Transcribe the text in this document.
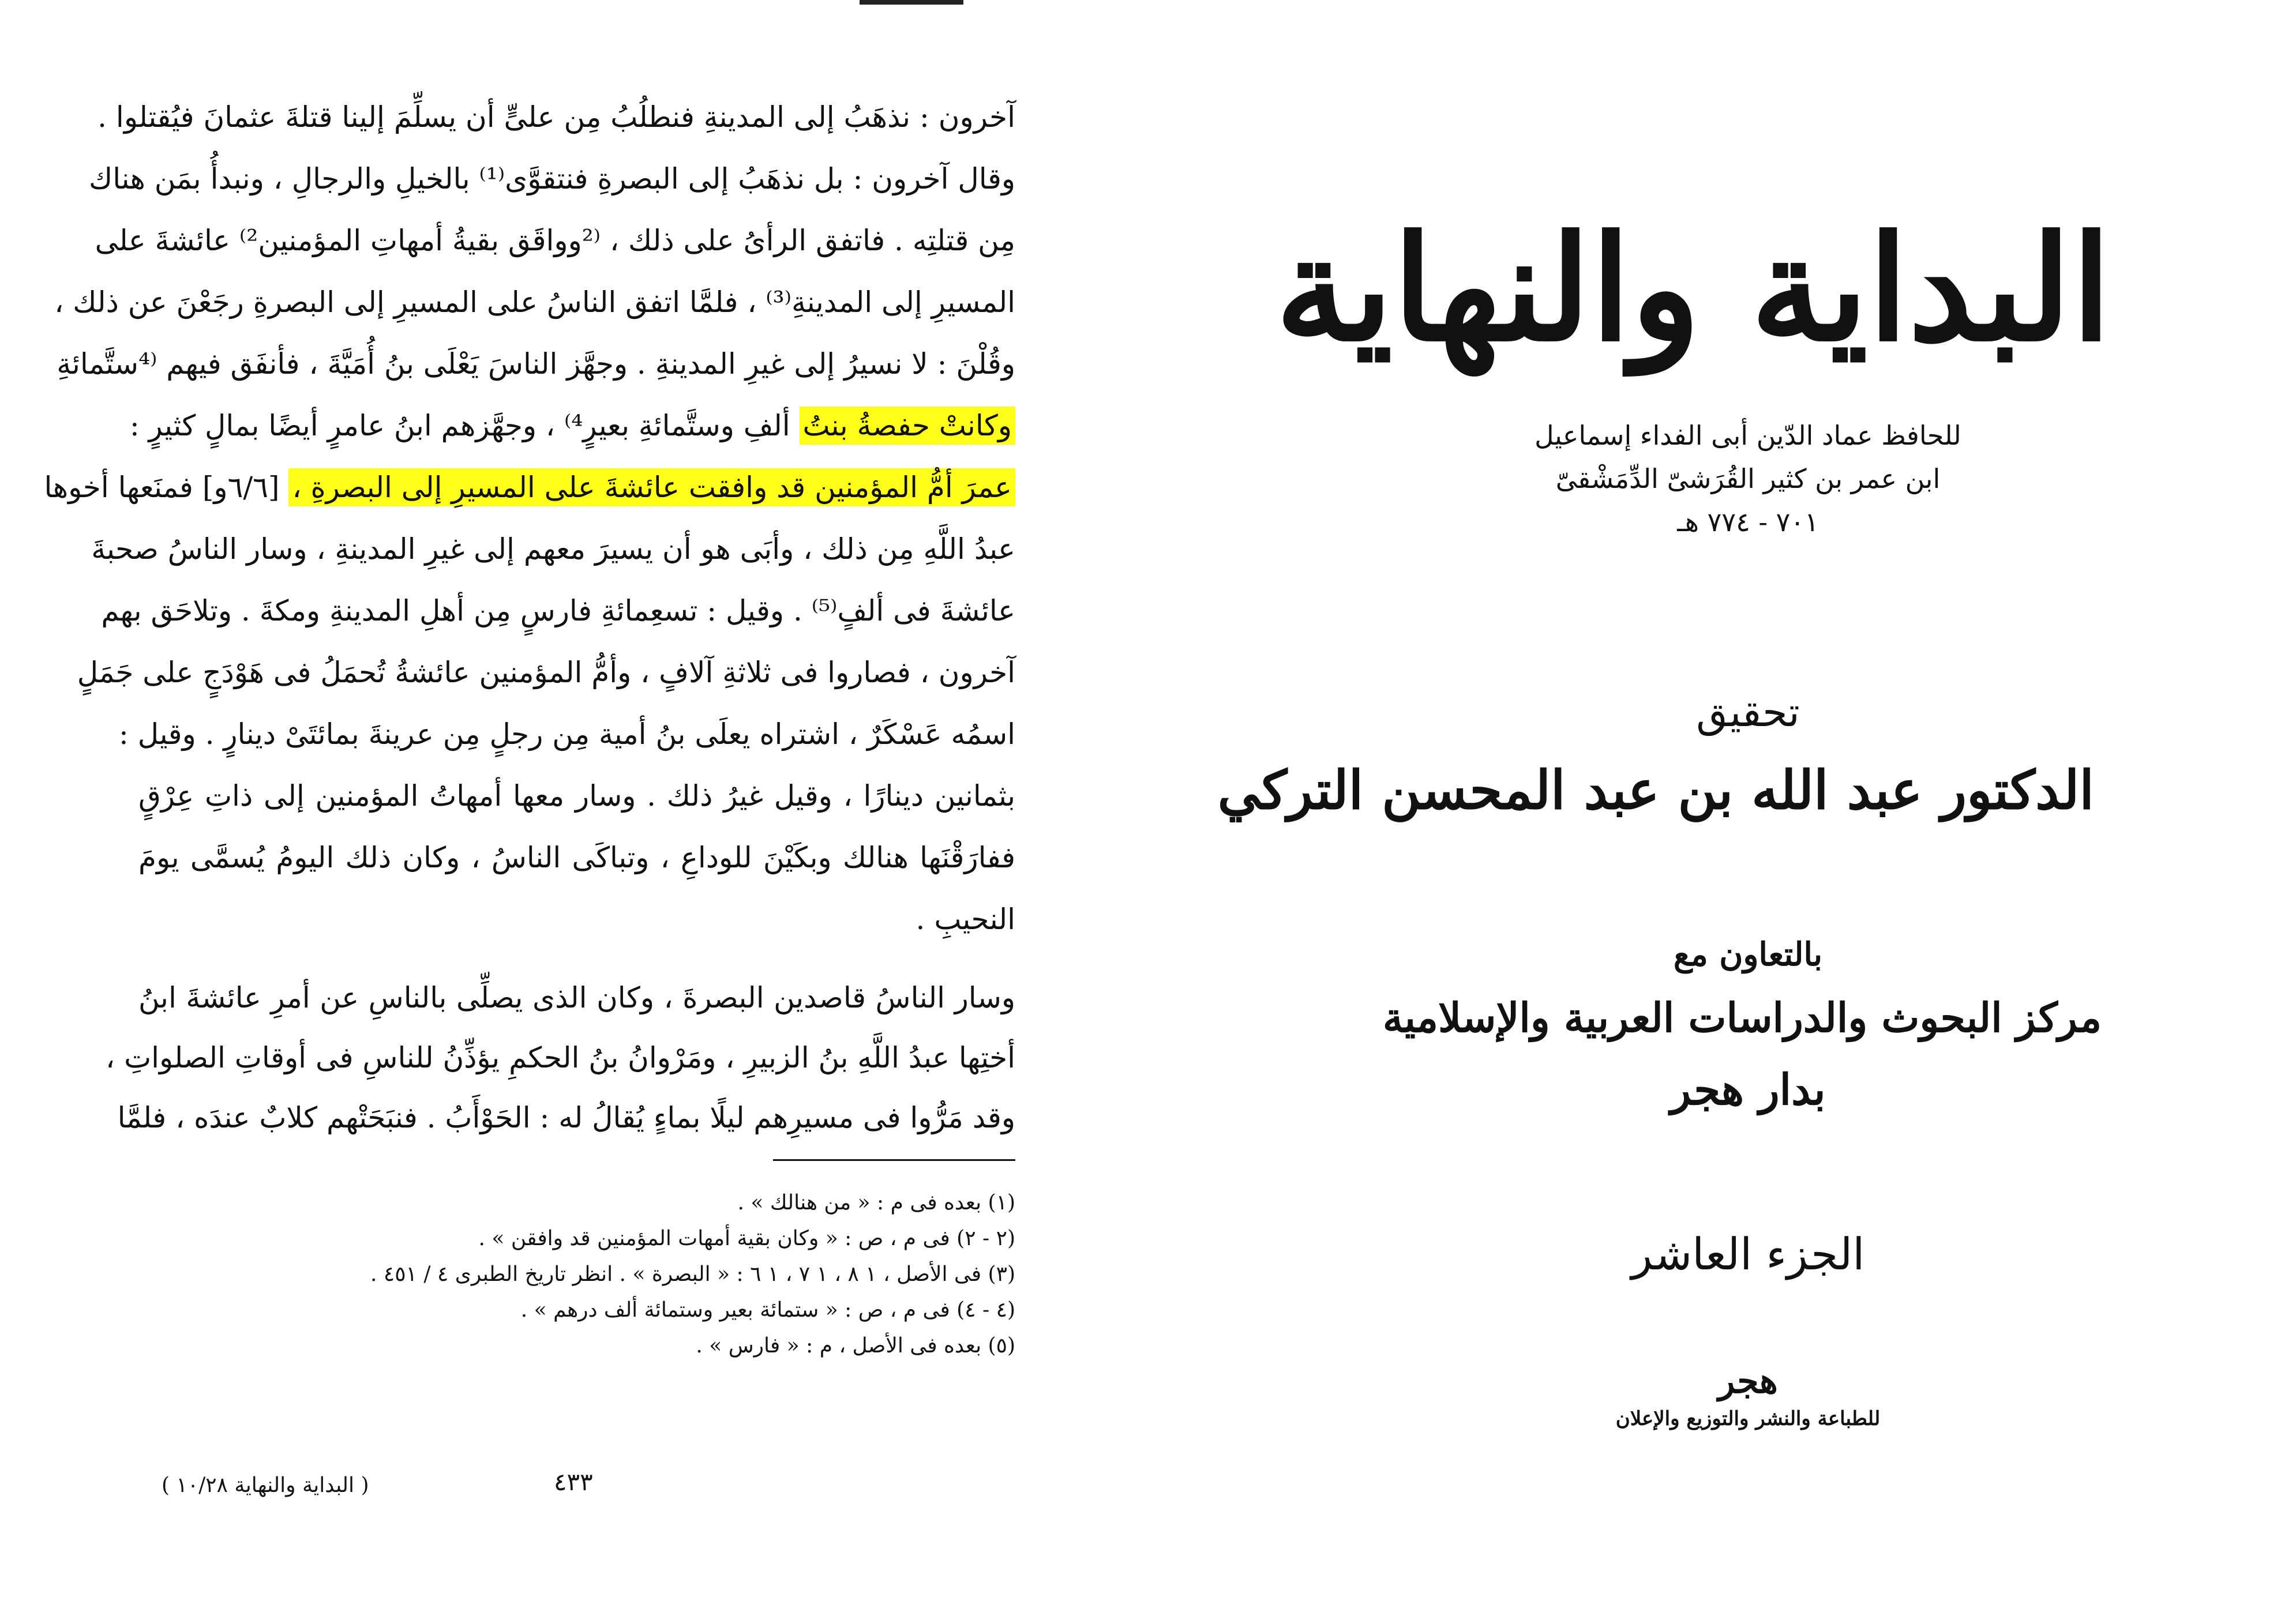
آخرون : نذهَبُ إلى المدينةِ فنطلُبُ مِن علىٍّ أن يسلِّمَ إلينا قتلةَ عثمانَ فيُقتلوا .
وقال آخرون : بل نذهَبُ إلى البصرةِ فنتقوَّى⁽¹⁾ بالخيلِ والرجالِ ، ونبدأُ بمَن هناك
مِن قتلتِه . فاتفق الرأىُ على ذلك ، ⁽²وواقَق بقيةُ أمهاتِ المؤمنين²⁾ عائشةَ على
المسيرِ إلى المدينةِ⁽³⁾ ، فلمَّا اتفق الناسُ على المسيرِ إلى البصرةِ رجَعْنَ عن ذلك ،
وقُلْنَ : لا نسيرُ إلى غيرِ المدينةِ . وجهَّز الناسَ يَعْلَى بنُ أُمَيَّةَ ، فأنفَق فيهم ⁽⁴ستَّمائةِ
وكانتْ حفصةُ بنتُ ألفِ وستَّمائةِ بعيرٍ⁴⁾ ، وجهَّزهم ابنُ عامرٍ أيضًا بمالٍ كثيرٍ :
عمرَ أمُّ المؤمنين قد وافقت عائشةَ على المسيرِ إلى البصرةِ ، [٦/٦و] فمنَعها أخوها
عبدُ اللَّهِ مِن ذلك ، وأبَى هو أن يسيرَ معهم إلى غيرِ المدينةِ ، وسار الناسُ صحبةَ
عائشةَ فى ألفٍ⁽⁵⁾ . وقيل : تسعِمائةِ فارسٍ مِن أهلِ المدينةِ ومكةَ . وتلاحَق بهم
آخرون ، فصاروا فى ثلاثةِ آلافٍ ، وأمُّ المؤمنين عائشةُ تُحمَلُ فى هَوْدَجٍ على جَمَلٍ
اسمُه عَسْكَرٌ ، اشتراه يعلَى بنُ أمية مِن رجلٍ مِن عرينةَ بمائتَىْ دينارٍ . وقيل :
بثمانين دينارًا ، وقيل غيرُ ذلك . وسار معها أمهاتُ المؤمنين إلى ذاتِ عِرْقٍ
ففارَقْنَها هنالك وبكَيْنَ للوداعِ ، وتباكَى الناسُ ، وكان ذلك اليومُ يُسمَّى يومَ
النحيبِ .
وسار الناسُ قاصدين البصرةَ ، وكان الذى يصلِّى بالناسِ عن أمرِ عائشةَ ابنُ
أختِها عبدُ اللَّهِ بنُ الزبيرِ ، ومَرْوانُ بنُ الحكمِ يؤذِّنُ للناسِ فى أوقاتِ الصلواتِ ،
وقد مَرُّوا فى مسيرِهم ليلًا بماءٍ يُقالُ له : الحَوْأَبُ . فنبَحَتْهم كلابٌ عندَه ، فلمَّا
(١) بعده فى م : « من هنالك » .
(٢ - ٢) فى م ، ص : « وكان بقية أمهات المؤمنين قد وافقن » .
(٣) فى الأصل ، ١ ٨ ، ١ ٧ ، ١ ٦ : « البصرة » . انظر تاريخ الطبرى ٤ / ٤٥١ .
(٤ - ٤) فى م ، ص : « ستمائة بعير وستمائة ألف درهم » .
(٥) بعده فى الأصل ، م : « فارس » .
٤٣٣
( البداية والنهاية ١٠/٢٨ )
البداية والنهاية
للحافظ عماد الدّين أبى الفداء إسماعيل
ابن عمر بن كثير القُرَشىّ الدِّمَشْقىّ
٧٠١ - ٧٧٤ هـ
تحقيق
الدكتور عبد الله بن عبد المحسن التركي
بالتعاون مع
مركز البحوث والدراسات العربية والإسلامية
بدار هجر
الجزء العاشر
هجر
للطباعة والنشر والتوزيع والإعلان
